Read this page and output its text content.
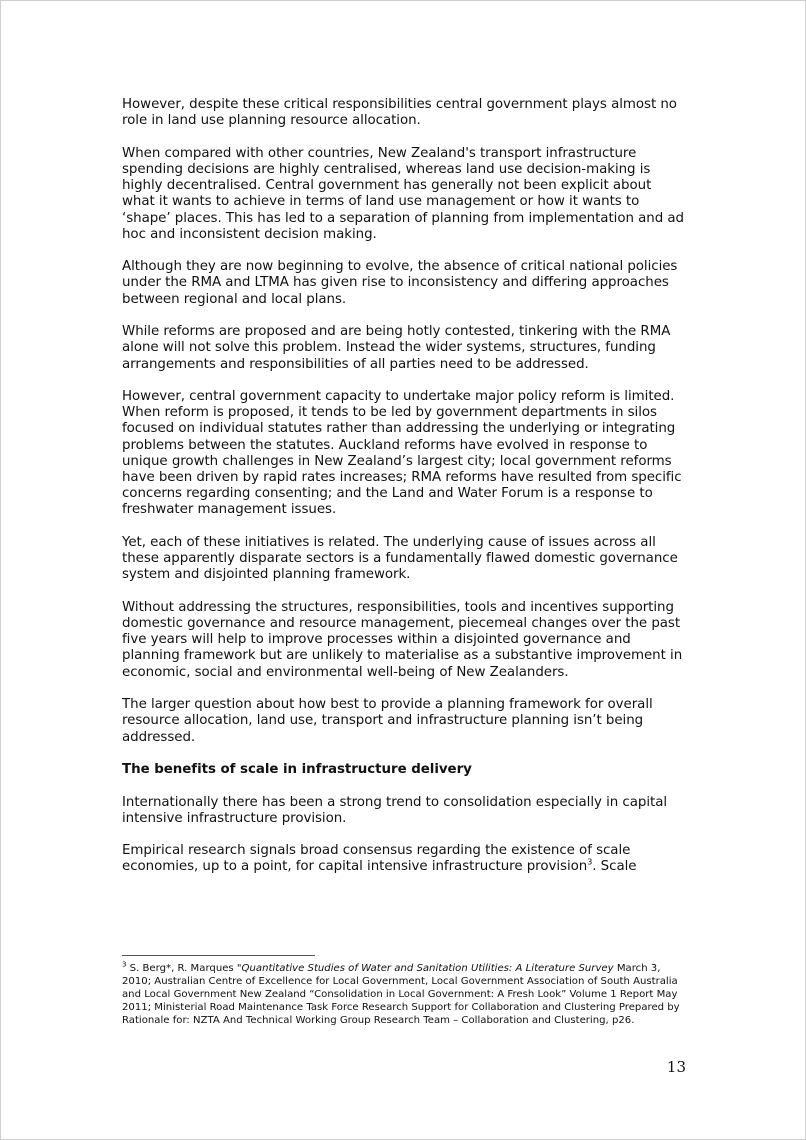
However, despite these critical responsibilities central government plays almost no role in land use planning resource allocation.

When compared with other countries, New Zealand's transport infrastructure spending decisions are highly centralised, whereas land use decision-making is highly decentralised. Central government has generally not been explicit about what it wants to achieve in terms of land use management or how it wants to ‘shape’ places. This has led to a separation of planning from implementation and ad hoc and inconsistent decision making.

Although they are now beginning to evolve, the absence of critical national policies under the RMA and LTMA has given rise to inconsistency and differing approaches between regional and local plans.

While reforms are proposed and are being hotly contested, tinkering with the RMA alone will not solve this problem. Instead the wider systems, structures, funding arrangements and responsibilities of all parties need to be addressed.

However, central government capacity to undertake major policy reform is limited. When reform is proposed, it tends to be led by government departments in silos focused on individual statutes rather than addressing the underlying or integrating problems between the statutes. Auckland reforms have evolved in response to unique growth challenges in New Zealand’s largest city; local government reforms have been driven by rapid rates increases; RMA reforms have resulted from specific concerns regarding consenting; and the Land and Water Forum is a response to freshwater management issues.

Yet, each of these initiatives is related. The underlying cause of issues across all these apparently disparate sectors is a fundamentally flawed domestic governance system and disjointed planning framework.

Without addressing the structures, responsibilities, tools and incentives supporting domestic governance and resource management, piecemeal changes over the past five years will help to improve processes within a disjointed governance and planning framework but are unlikely to materialise as a substantive improvement in economic, social and environmental well-being of New Zealanders.

The larger question about how best to provide a planning framework for overall resource allocation, land use, transport and infrastructure planning isn’t being addressed.

The benefits of scale in infrastructure delivery

Internationally there has been a strong trend to consolidation especially in capital intensive infrastructure provision.

Empirical research signals broad consensus regarding the existence of scale economies, up to a point, for capital intensive infrastructure provision$^3$. Scale

$^3$ S. Berg*, R. Marques "Quantitative Studies of Water and Sanitation Utilities: A Literature Survey March 3, 2010; Australian Centre of Excellence for Local Government, Local Government Association of South Australia and Local Government New Zealand “Consolidation in Local Government: A Fresh Look” Volume 1 Report May 2011; Ministerial Road Maintenance Task Force Research Support for Collaboration and Clustering Prepared by Rationale for: NZTA And Technical Working Group Research Team – Collaboration and Clustering, p26.
13
